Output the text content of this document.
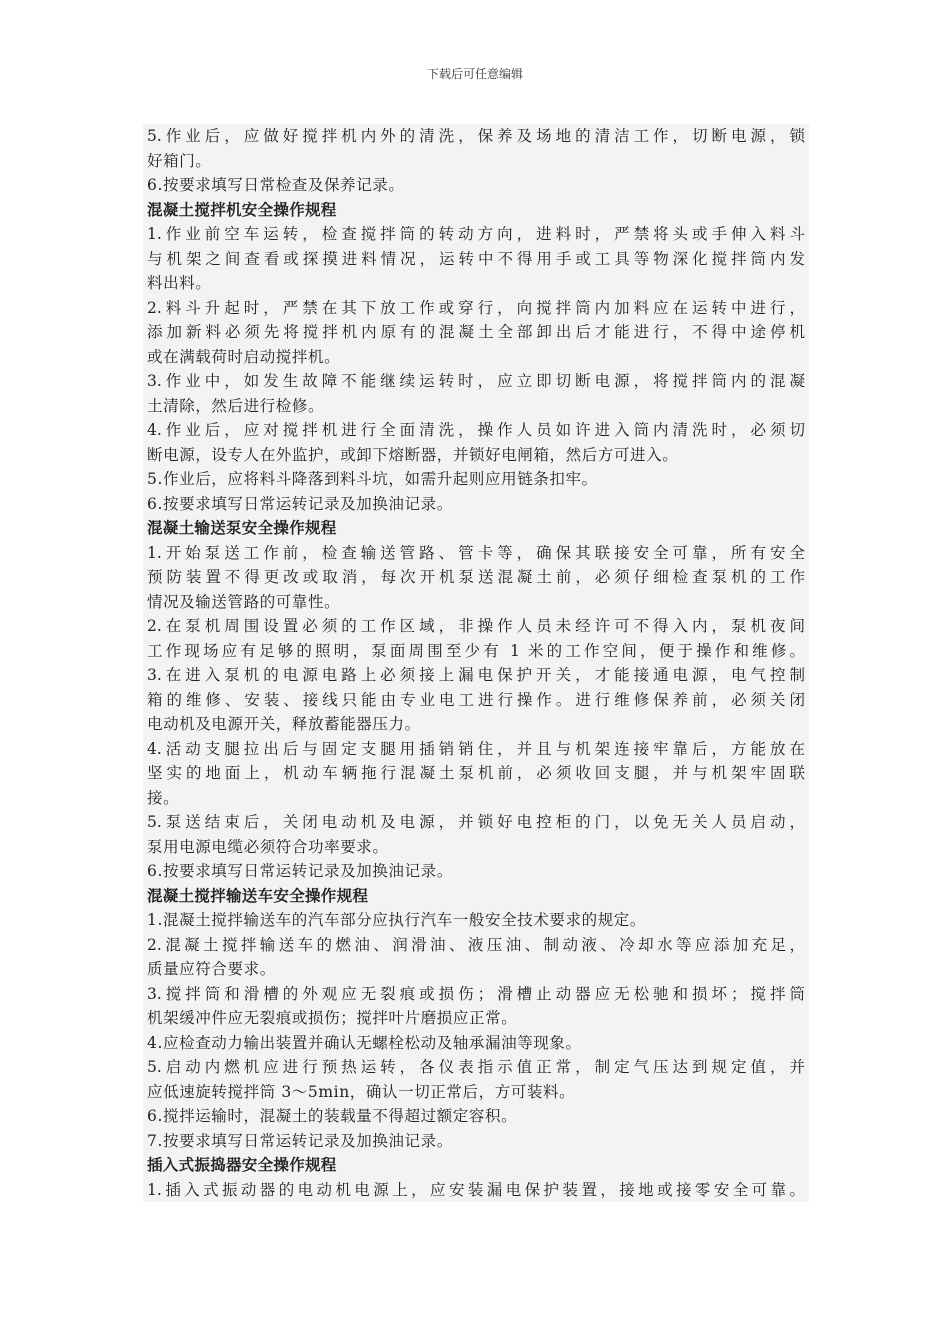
下载后可任意编辑
5.作业后，应做好搅拌机内外的清洗，保养及场地的清洁工作，切断电源，锁
好箱门。
6.按要求填写日常检查及保养记录。
混凝土搅拌机安全操作规程
1.作业前空车运转，检查搅拌筒的转动方向，进料时，严禁将头或手伸入料斗
与机架之间查看或探摸进料情况，运转中不得用手或工具等物深化搅拌筒内发
料出料。
2.料斗升起时，严禁在其下放工作或穿行，向搅拌筒内加料应在运转中进行，
添加新料必须先将搅拌机内原有的混凝土全部卸出后才能进行，不得中途停机
或在满载荷时启动搅拌机。
3.作业中，如发生故障不能继续运转时，应立即切断电源，将搅拌筒内的混凝
土清除，然后进行检修。
4.作业后，应对搅拌机进行全面清洗，操作人员如许进入筒内清洗时，必须切
断电源，设专人在外监护，或卸下熔断器，并锁好电闸箱，然后方可进入。
5.作业后，应将料斗降落到料斗坑，如需升起则应用链条扣牢。
6.按要求填写日常运转记录及加换油记录。
混凝土输送泵安全操作规程
1.开始泵送工作前，检查输送管路、管卡等，确保其联接安全可靠，所有安全
预防装置不得更改或取消，每次开机泵送混凝土前，必须仔细检查泵机的工作
情况及输送管路的可靠性。
2.在泵机周围设置必须的工作区域，非操作人员未经许可不得入内，泵机夜间
工作现场应有足够的照明，泵面周围至少有 1 米的工作空间，便于操作和维修。
3.在进入泵机的电源电路上必须接上漏电保护开关，才能接通电源，电气控制
箱的维修、安装、接线只能由专业电工进行操作。进行维修保养前，必须关闭
电动机及电源开关，释放蓄能器压力。
4.活动支腿拉出后与固定支腿用插销销住，并且与机架连接牢靠后，方能放在
坚实的地面上，机动车辆拖行混凝土泵机前，必须收回支腿，并与机架牢固联
接。
5.泵送结束后，关闭电动机及电源，并锁好电控柜的门，以免无关人员启动，
泵用电源电缆必须符合功率要求。
6.按要求填写日常运转记录及加换油记录。
混凝土搅拌输送车安全操作规程
1.混凝土搅拌输送车的汽车部分应执行汽车一般安全技术要求的规定。
2.混凝土搅拌输送车的燃油、润滑油、液压油、制动液、冷却水等应添加充足，
质量应符合要求。
3.搅拌筒和滑槽的外观应无裂痕或损伤；滑槽止动器应无松驰和损坏；搅拌筒
机架缓冲件应无裂痕或损伤；搅拌叶片磨损应正常。
4.应检查动力输出装置并确认无螺栓松动及轴承漏油等现象。
5.启动内燃机应进行预热运转，各仪表指示值正常，制定气压达到规定值，并
应低速旋转搅拌筒 3～5min，确认一切正常后，方可装料。
6.搅拌运输时，混凝土的装载量不得超过额定容积。
7.按要求填写日常运转记录及加换油记录。
插入式振捣器安全操作规程
1.插入式振动器的电动机电源上，应安装漏电保护装置，接地或接零安全可靠。
